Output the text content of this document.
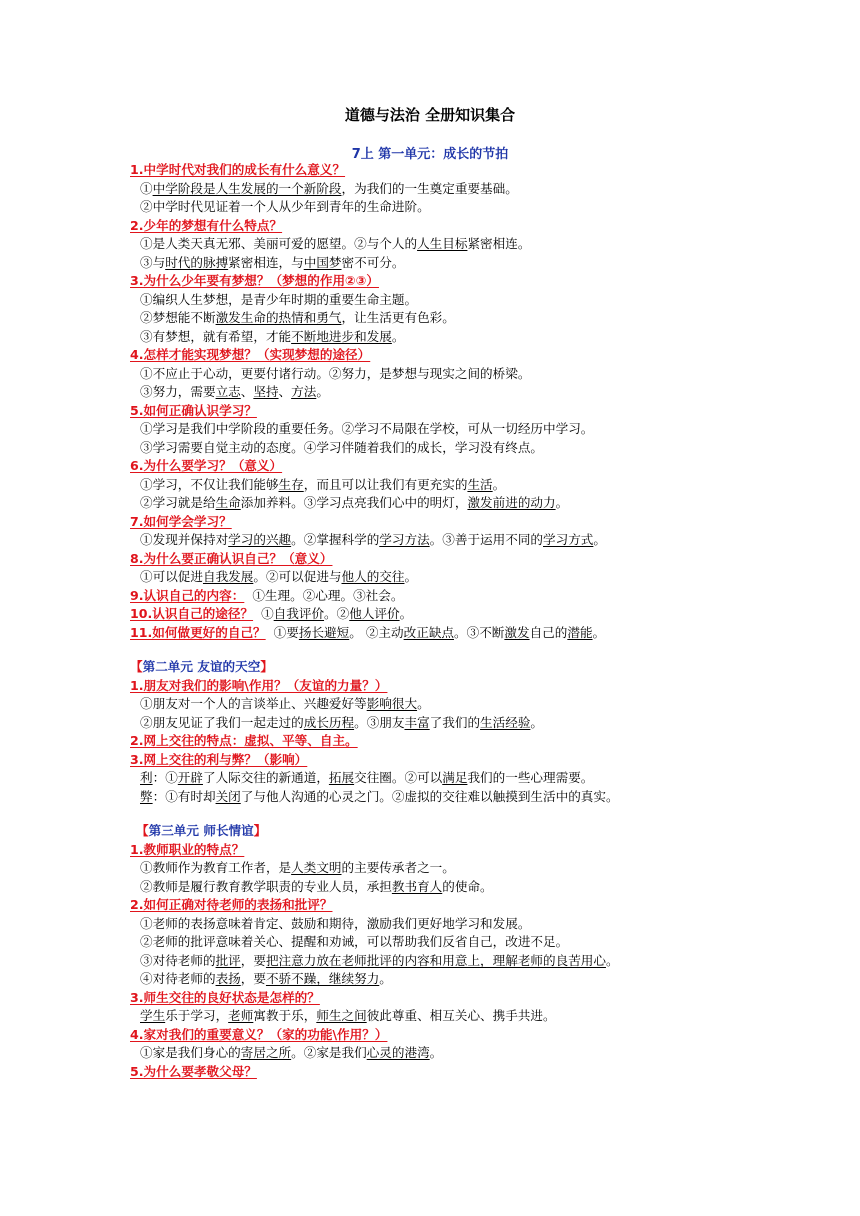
道德与法治 全册知识集合
7上 第一单元：成长的节拍
1.中学时代对我们的成长有什么意义？
①中学阶段是人生发展的一个新阶段，为我们的一生奠定重要基础。
②中学时代见证着一个人从少年到青年的生命进阶。
2.少年的梦想有什么特点？
①是人类天真无邪、美丽可爱的愿望。②与个人的人生目标紧密相连。
③与时代的脉搏紧密相连，与中国梦密不可分。
3.为什么少年要有梦想？（梦想的作用②③）
①编织人生梦想，是青少年时期的重要生命主题。
②梦想能不断激发生命的热情和勇气，让生活更有色彩。
③有梦想，就有希望，才能不断地进步和发展。
4.怎样才能实现梦想？（实现梦想的途径）
①不应止于心动，更要付诸行动。②努力，是梦想与现实之间的桥梁。
③努力，需要立志、坚持、方法。
5.如何正确认识学习？
①学习是我们中学阶段的重要任务。②学习不局限在学校，可从一切经历中学习。
③学习需要自觉主动的态度。④学习伴随着我们的成长，学习没有终点。
6.为什么要学习？（意义）
①学习，不仅让我们能够生存，而且可以让我们有更充实的生活。
②学习就是给生命添加养料。③学习点亮我们心中的明灯，激发前进的动力。
7.如何学会学习？
①发现并保持对学习的兴趣。②掌握科学的学习方法。③善于运用不同的学习方式。
8.为什么要正确认识自己？（意义）
①可以促进自我发展。②可以促进与他人的交往。
9.认识自己的内容： ①生理。②心理。③社会。
10.认识自己的途径？ ①自我评价。②他人评价。
11.如何做更好的自己？ ①要扬长避短。 ②主动改正缺点。③不断激发自己的潜能。
【第二单元 友谊的天空】
1.朋友对我们的影响\作用？（友谊的力量？）
①朋友对一个人的言谈举止、兴趣爱好等影响很大。
②朋友见证了我们一起走过的成长历程。③朋友丰富了我们的生活经验。
2.网上交往的特点：虚拟、平等、自主。
3.网上交往的利与弊？（影响）
利：①开辟了人际交往的新通道，拓展交往圈。②可以满足我们的一些心理需要。
弊：①有时却关闭了与他人沟通的心灵之门。②虚拟的交往难以触摸到生活中的真实。
【第三单元 师长情谊】
1.教师职业的特点？
①教师作为教育工作者，是人类文明的主要传承者之一。
②教师是履行教育教学职责的专业人员，承担教书育人的使命。
2.如何正确对待老师的表扬和批评？
①老师的表扬意味着肯定、鼓励和期待，激励我们更好地学习和发展。
②老师的批评意味着关心、提醒和劝诫，可以帮助我们反省自己，改进不足。
③对待老师的批评，要把注意力放在老师批评的内容和用意上，理解老师的良苦用心。
④对待老师的表扬，要不骄不躁，继续努力。
3.师生交往的良好状态是怎样的？
学生乐于学习，老师寓教于乐，师生之间彼此尊重、相互关心、携手共进。
4.家对我们的重要意义？（家的功能\作用？）
①家是我们身心的寄居之所。②家是我们心灵的港湾。
5.为什么要孝敬父母？
